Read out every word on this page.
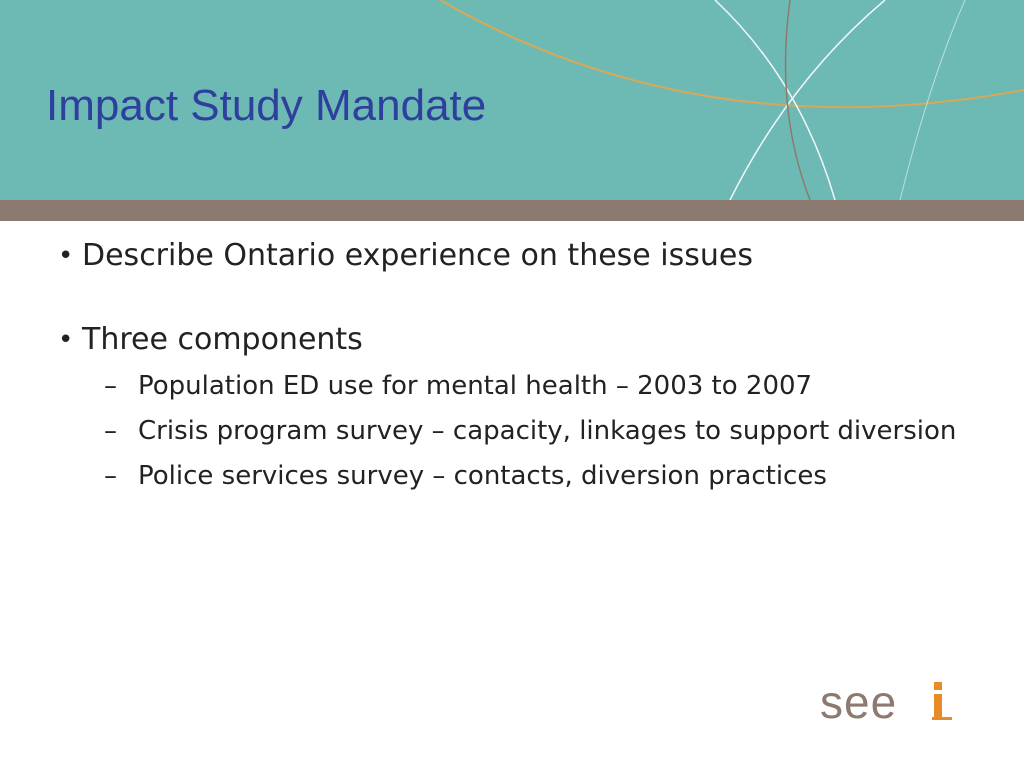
Impact Study Mandate

• Describe Ontario experience on these issues

• Three components

– Population ED use for mental health – 2003 to 2007
– Crisis program survey – capacity, linkages to support diversion
– Police services survey – contacts, diversion practices
see
